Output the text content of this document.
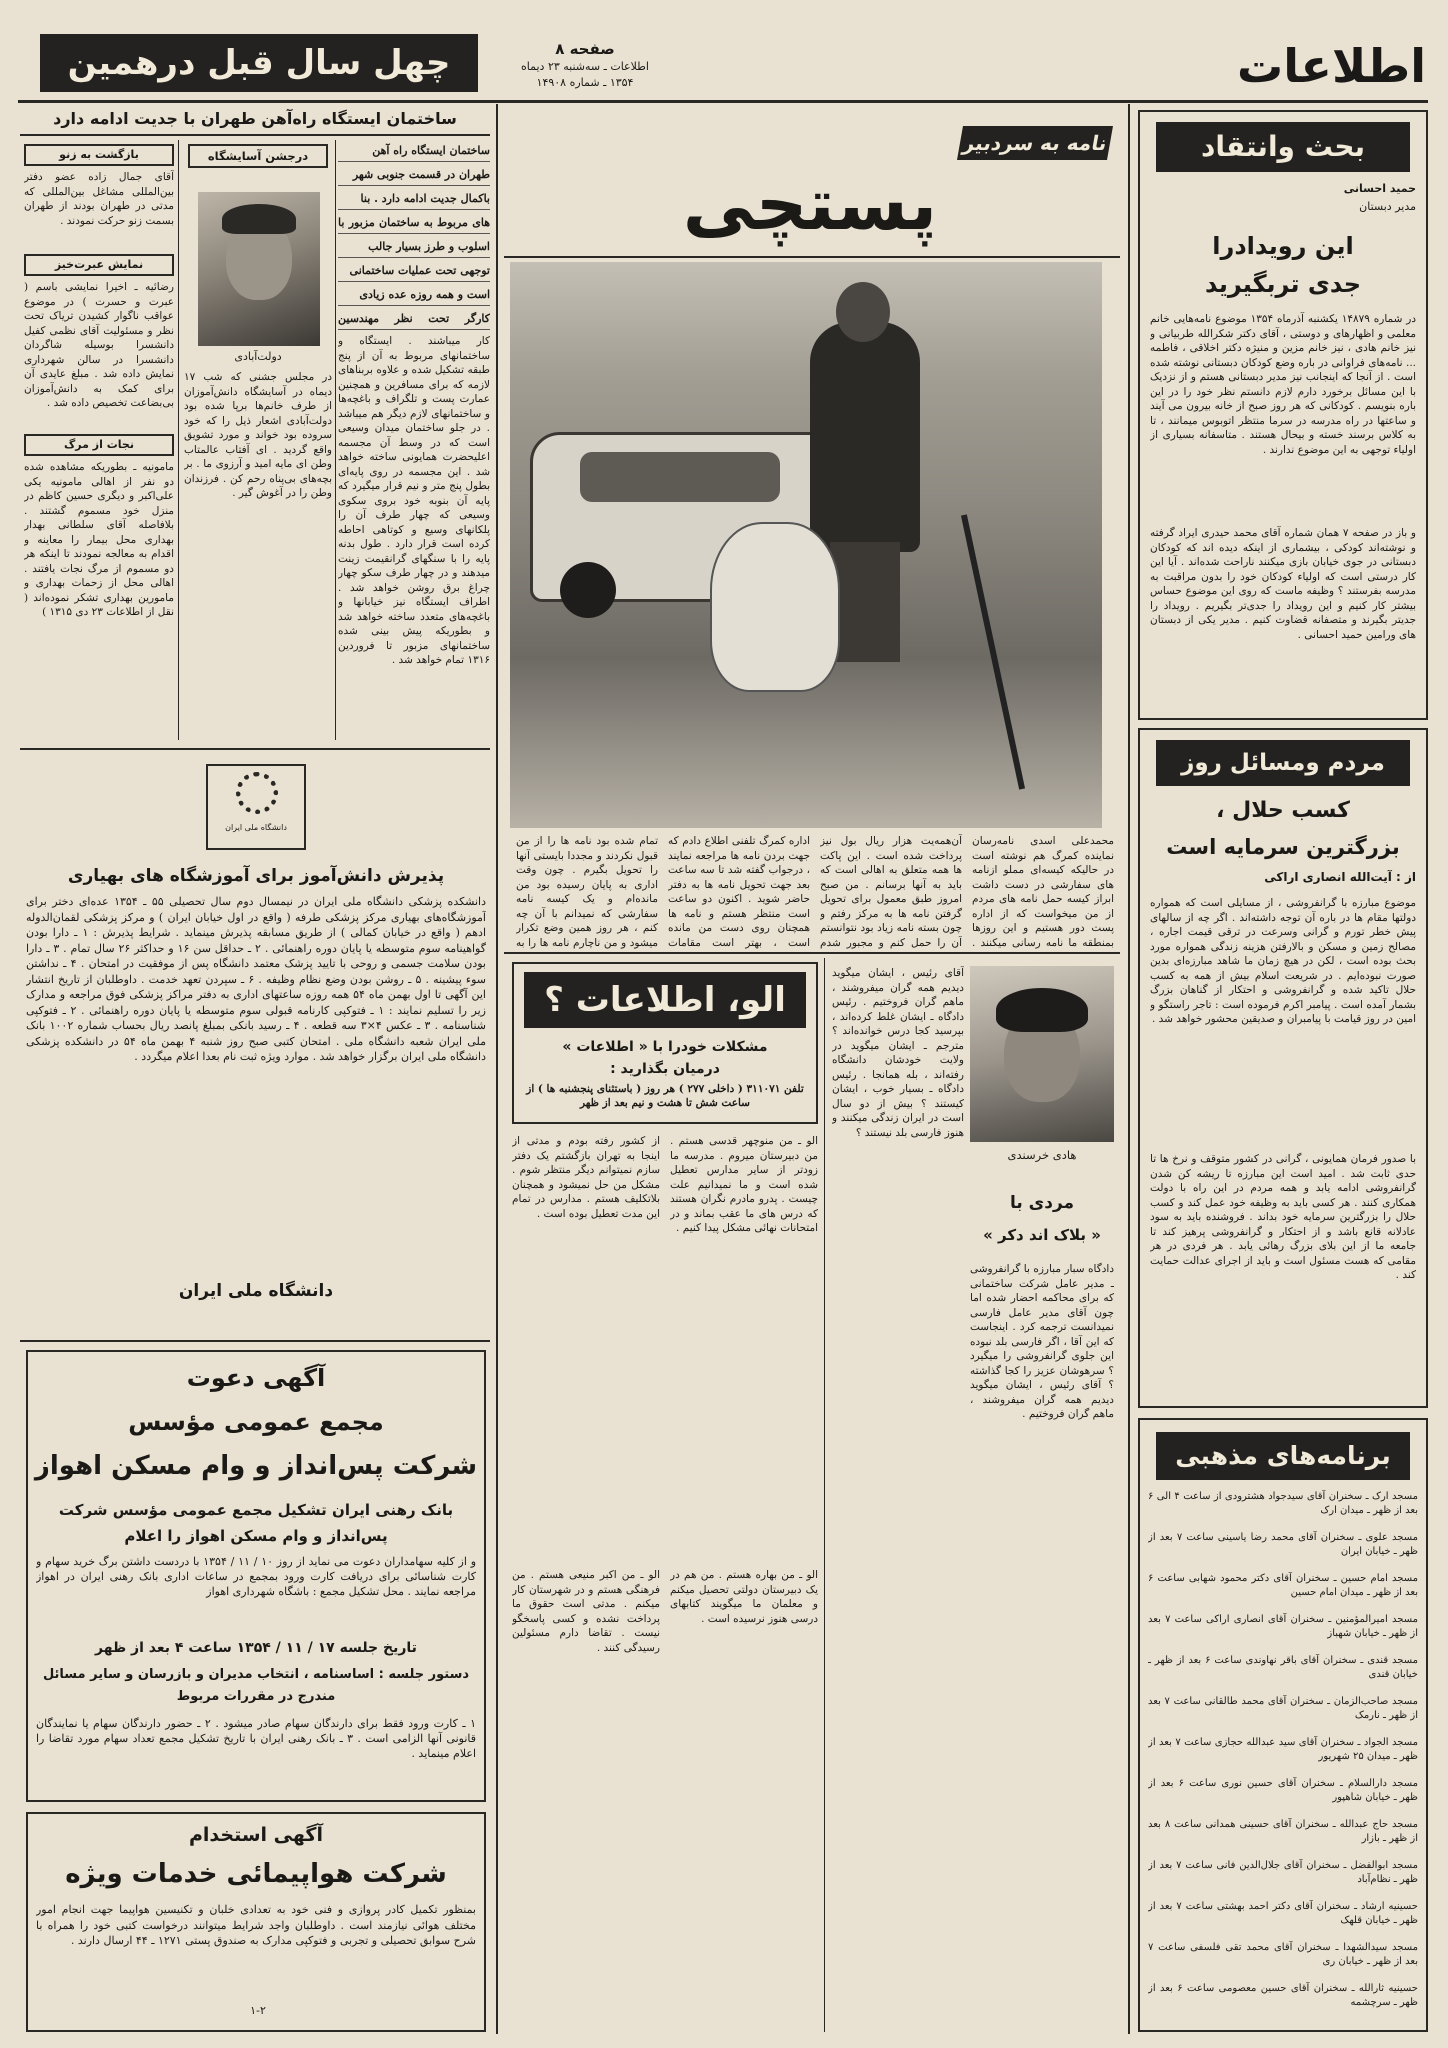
اطلاعات
صفحه ۸
اطلاعات ـ سه‌شنبه ۲۳ دیماه
۱۳۵۴ ـ شماره ۱۴۹۰۸
چهل سال قبل درهمین
ساختمان ایستگاه راه‌آهن طهران با جدیت ادامه دارد
ساختمان ایستگاه راه آهن
طهران در قسمت جنوبی شهر
باکمال جدیت ادامه دارد . بنا
های مربوط به ساختمان مزبور با
اسلوب و طرز بسیار جالب
توجهی تحت عملیات ساختمانی
است و همه روزه عده زیادی
کارگر تحت نظر مهندسین
کار میباشند . ایستگاه و ساختمانهای مربوط به آن از پنج طبقه تشکیل شده و علاوه بربناهای لازمه که برای مسافرین و همچنین عمارت پست و تلگراف و باغچه‌ها و ساختمانهای لازم دیگر هم میباشد . در جلو ساختمان میدان وسیعی است که در وسط آن مجسمه اعلیحضرت همایونی ساخته خواهد شد . این مجسمه در روی پایه‌ای بطول پنج متر و نیم قرار میگیرد که پایه آن بنوبه خود بروی سکوی وسیعی که چهار طرف آن را پلکانهای وسیع و کوتاهی احاطه کرده است قرار دارد . طول بدنه پایه را با سنگهای گرانقیمت زینت میدهند و در چهار طرف سکو چهار چراغ برق روشن خواهد شد . اطراف ایستگاه نیز خیابانها و باغچه‌های متعدد ساخته خواهد شد و بطوریکه پیش بینی شده ساختمانهای مزبور تا فروردین ۱۳۱۶ تمام خواهد شد .
درجشن آسایشگاه
دولت‌آبادی
در مجلس جشنی که شب ۱۷ دیماه در آسایشگاه دانش‌آموزان از طرف خانم‌ها برپا شده بود دولت‌آبادی اشعار ذیل را که خود سروده بود خواند و مورد تشویق واقع گردید . ای آفتاب عالمتاب وطن ای مایه امید و آرزوی ما . بر بچه‌های بی‌پناه رحم کن . فرزندان وطن را در آغوش گیر .
بازگشت به زنو
آقای جمال زاده عضو دفتر بین‌المللی مشاغل بین‌المللی که مدتی در طهران بودند از طهران بسمت زنو حرکت نمودند .
نمایش عبرت‌خیز
رضائیه ـ اخیرا نمایشی باسم ( عبرت و حسرت ) در موضوع عواقب ناگوار کشیدن تریاک تحت نظر و مسئولیت آقای نظمی کفیل دانشسرا بوسیله شاگردان دانشسرا در سالن شهرداری نمایش داده شد . مبلغ عایدی آن برای کمک به دانش‌آموزان بی‌بضاعت تخصیص داده شد .
نجات از مرگ
مامونیه ـ بطوریکه مشاهده شده دو نفر از اهالی مامونیه یکی علی‌اکبر و دیگری حسین کاظم در منزل خود مسموم گشتند . بلافاصله آقای سلطانی بهدار بهداری محل بیمار را معاینه و اقدام به معالجه نمودند تا اینکه هر دو مسموم از مرگ نجات یافتند . اهالی محل از زحمات بهداری و مامورین بهداری تشکر نموده‌اند ( نقل از اطلاعات ۲۳ دی ۱۳۱۵ )
دانشگاه ملی ایران
پذیرش دانش‌آموز برای آموزشگاه های بهیاری
دانشکده پزشکی دانشگاه ملی ایران در نیمسال دوم سال تحصیلی ۵۵ ـ ۱۳۵۴ عده‌ای دختر برای آموزشگاه‌های بهیاری مرکز پزشکی طرفه ( واقع در اول خیابان ایران ) و مرکز پزشکی لقمان‌الدوله ادهم ( واقع در خیابان کمالی ) از طریق مسابقه پذیرش مینماید . شرایط پذیرش : ۱ ـ دارا بودن گواهینامه سوم متوسطه یا پایان دوره راهنمائی . ۲ ـ حداقل سن ۱۶ و حداکثر ۲۶ سال تمام . ۳ ـ دارا بودن سلامت جسمی و روحی با تایید پزشک معتمد دانشگاه پس از موفقیت در امتحان . ۴ ـ نداشتن سوء پیشینه . ۵ ـ روشن بودن وضع نظام وظیفه . ۶ ـ سپردن تعهد خدمت . داوطلبان از تاریخ انتشار این آگهی تا اول بهمن ماه ۵۴ همه روزه ساعتهای اداری به دفتر مراکز پزشکی فوق مراجعه و مدارک زیر را تسلیم نمایند : ۱ ـ فتوکپی کارنامه قبولی سوم متوسطه یا پایان دوره راهنمائی . ۲ ـ فتوکپی شناسنامه . ۳ ـ عکس ۴×۳ سه قطعه . ۴ ـ رسید بانکی بمبلغ پانصد ریال بحساب شماره ۱۰۰۲ بانک ملی ایران شعبه دانشگاه ملی . امتحان کتبی صبح روز شنبه ۴ بهمن ماه ۵۴ در دانشکده پزشکی دانشگاه ملی ایران برگزار خواهد شد . موارد ویژه ثبت نام بعدا اعلام میگردد .
دانشگاه ملی ایران
آگهی دعوت
مجمع عمومی مؤسس
شرکت پس‌انداز و وام مسکن اهواز
بانک رهنی ایران تشکیل مجمع عمومی مؤسس شرکت
پس‌انداز و وام مسکن اهواز را اعلام
و از کلیه سهامداران دعوت می نماید از روز ۱۰ / ۱۱ / ۱۳۵۴ با دردست داشتن برگ خرید سهام و کارت شناسائی برای دریافت کارت ورود بمجمع در ساعات اداری بانک رهنی ایران در اهواز مراجعه نمایند . محل تشکیل مجمع : باشگاه شهرداری اهواز
تاریخ جلسه ۱۷ / ۱۱ / ۱۳۵۴ ساعت ۴ بعد از ظهر
دستور جلسه : اساسنامه ، انتخاب مدیران و بازرسان و سایر مسائل مندرج در مقررات مربوط
۱ ـ کارت ورود فقط برای دارندگان سهام صادر میشود . ۲ ـ حضور دارندگان سهام یا نمایندگان قانونی آنها الزامی است . ۳ ـ بانک رهنی ایران با تاریخ تشکیل مجمع تعداد سهام مورد تقاضا را اعلام مینماید .
آگهی استخدام
شرکت هواپیمائی خدمات ویژه
بمنظور تکمیل کادر پروازی و فنی خود به تعدادی خلبان و تکنیسین هواپیما جهت انجام امور مختلف هوائی نیازمند است . داوطلبان واجد شرایط میتوانند درخواست کتبی خود را همراه با شرح سوابق تحصیلی و تجربی و فتوکپی مدارک به صندوق پستی ۱۲۷۱ ـ ۴۴ ارسال دارند .
۱-۲
نامه به سردبیر
پستچی
محمدعلی اسدی نامه‌رسان نماینده کمرگ هم نوشته است در حالیکه کیسه‌ای مملو ازنامه های سفارشی در دست داشت ابراز کیسه حمل نامه های مردم از من میخواست که از اداره پست دور هستیم و این روزها بمنطقه ما نامه رسانی میکنند .
آن‌همه‌یت هزار ریال بول نیز پرداخت شده است . این پاکت ها همه متعلق به اهالی است که باید به آنها برسانم . من صبح امروز طبق معمول برای تحویل گرفتن نامه ها به مرکز رفتم و چون بسته نامه زیاد بود نتوانستم آن را حمل کنم و مجبور شدم
اداره کمرگ تلفنی اطلاع دادم که جهت بردن نامه ها مراجعه نمایند ، درجواب گفته شد تا سه ساعت بعد جهت تحویل نامه ها به دفتر حاضر شوید . اکنون دو ساعت است منتظر هستم و نامه ها همچنان روی دست من مانده است ، بهتر است مقامات
تمام شده بود نامه ها را از من قبول نکردند و مجددا بایستی آنها را تحویل بگیرم . چون وقت اداری به پایان رسیده بود من مانده‌ام و یک کیسه نامه سفارشی که نمیدانم با آن چه کنم ، هر روز همین وضع تکرار میشود و من ناچارم نامه ها را به
الو، اطلاعات ؟
مشکلات خودرا با « اطلاعات »
درمیان بگذارید :
تلفن ۳۱۱۰۷۱ ( داخلی ۲۷۷ ) هر روز ( باستثنای پنجشنبه ها ) از ساعت شش تا هشت و نیم بعد از ظهر
از کشور رفته بودم و مدتی از اینجا به تهران بازگشتم یک دفتر سازم نمیتوانم دیگر منتظر شوم . مشکل من حل نمیشود و همچنان بلاتکلیف هستم . مدارس در تمام این مدت تعطیل بوده است .
الو ـ من منوچهر قدسی هستم . من دبیرستان میروم . مدرسه ما زودتر از سایر مدارس تعطیل شده است و ما نمیدانیم علت چیست . پدرو مادرم نگران هستند که درس های ما عقب بماند و در امتحانات نهائی مشکل پیدا کنیم .
الو ـ من اکبر منیعی هستم . من فرهنگی هستم و در شهرستان کار میکنم . مدتی است حقوق ما پرداخت نشده و کسی پاسخگو نیست . تقاضا دارم مسئولین رسیدگی کنند .
الو ـ من بهاره هستم . من هم در یک دبیرستان دولتی تحصیل میکنم و معلمان ما میگویند کتابهای درسی هنوز نرسیده است .
هادی خرسندی
مردی با
« بلاک اند دکر »
دادگاه سبار مبارزه با گرانفروشی ـ مدیر عامل شرکت ساختمانی که برای محاکمه احضار شده اما چون آقای مدیر عامل فارسی نمیدانست ترجمه کرد . اینجاست که این آقا ، اگر فارسی بلد نبوده این جلوی گرانفروشی را میگیرد ؟ سرهوشان عزیز را کجا گذاشته ؟ آقای رئیس ، ایشان میگوید دیدیم همه گران میفروشند ، ماهم گران فروختیم .
آقای رئیس ، ایشان میگوید دیدیم همه گران میفروشند ، ماهم گران فروختیم . رئیس دادگاه ـ ایشان غلط کرده‌اند ، بپرسید کجا درس خوانده‌اند ؟ مترجم ـ ایشان میگوید در ولایت خودشان دانشگاه رفته‌اند ، بله همانجا . رئیس دادگاه ـ بسیار خوب ، ایشان کیستند ؟ بیش از دو سال است در ایران زندگی میکنند و هنوز فارسی بلد نیستند ؟
بحث وانتقاد
حمید احسانی
مدیر دبستان
این رویدادرا
جدی تربگیرید
در شماره ۱۴۸۷۹ یکشنبه آذرماه ۱۳۵۴ موضوع نامه‌هایی خانم معلمی و اظهارهای و دوستی ، آقای دکتر شکرالله طربیانی و نیز خانم هادی ، نیز خانم مزین و منیژه دکتر اخلاقی ، فاطمه ... نامه‌های فراوانی در باره وضع کودکان دبستانی نوشته شده است . از آنجا که اینجانب نیز مدیر دبستانی هستم و از نزدیک با این مسائل برخورد دارم لازم دانستم نظر خود را در این باره بنویسم . کودکانی که هر روز صبح از خانه بیرون می آیند و ساعتها در راه مدرسه در سرما منتظر اتوبوس میمانند ، تا به کلاس برسند خسته و بیحال هستند . متاسفانه بسیاری از اولیاء توجهی به این موضوع ندارند .
و باز در صفحه ۷ همان شماره آقای محمد حیدری ایراد گرفته و نوشته‌اند کودکی ، بیشماری از اینکه دیده اند که کودکان دبستانی در جوی خیابان بازی میکنند ناراحت شده‌اند . آیا این کار درستی است که اولیاء کودکان خود را بدون مراقبت به مدرسه بفرستند ؟ وظیفه ماست که روی این موضوع حساس بیشتر کار کنیم و این رویداد را جدی‌تر بگیریم . رویداد را جدیتر بگیرند و متصفانه قضاوت کنیم . مدیر یکی از دبستان های ورامین حمید احسانی .
مردم ومسائل روز
کسب حلال ،
بزرگترین سرمایه است
از : آیت‌الله انصاری اراکی
موضوع مبارزه با گرانفروشی ، از مسایلی است که همواره دولتها مقام ها در باره آن توجه داشته‌اند . اگر چه از سالهای پیش خطر تورم و گرانی وسرعت در ترقی قیمت اجاره ، مصالح زمین و مسکن و بالارفتن هزینه زندگی همواره مورد بحث بوده است ، لکن در هیچ زمان ما شاهد مبارزه‌ای بدین صورت نبوده‌ایم . در شریعت اسلام بیش از همه به کسب حلال تاکید شده و گرانفروشی و احتکار از گناهان بزرگ بشمار آمده است . پیامبر اکرم فرموده است : تاجر راستگو و امین در روز قیامت با پیامبران و صدیقین محشور خواهد شد .
با صدور فرمان همایونی ، گرانی در کشور متوقف و نرخ ها تا حدی ثابت شد . امید است این مبارزه تا ریشه کن شدن گرانفروشی ادامه یابد و همه مردم در این راه با دولت همکاری کنند . هر کسی باید به وظیفه خود عمل کند و کسب حلال را بزرگترین سرمایه خود بداند . فروشنده باید به سود عادلانه قانع باشد و از احتکار و گرانفروشی پرهیز کند تا جامعه ما از این بلای بزرگ رهائی یابد . هر فردی در هر مقامی که هست مسئول است و باید از اجرای عدالت حمایت کند .
برنامه‌های مذهبی
مسجد ارک ـ سخنران آقای سیدجواد هشترودی از ساعت ۴ الی ۶ بعد از ظهر ـ میدان ارک
مسجد علوی ـ سخنران آقای محمد رضا یاسینی ساعت ۷ بعد از ظهر ـ خیابان ایران
مسجد امام حسین ـ سخنران آقای دکتر محمود شهابی ساعت ۶ بعد از ظهر ـ میدان امام حسین
مسجد امیرالمؤمنین ـ سخنران آقای انصاری اراکی ساعت ۷ بعد از ظهر ـ خیابان شهباز
مسجد قندی ـ سخنران آقای باقر نهاوندی ساعت ۶ بعد از ظهر ـ خیابان قندی
مسجد صاحب‌الزمان ـ سخنران آقای محمد طالقانی ساعت ۷ بعد از ظهر ـ نارمک
مسجد الجواد ـ سخنران آقای سید عبدالله حجازی ساعت ۷ بعد از ظهر ـ میدان ۲۵ شهریور
مسجد دارالسلام ـ سخنران آقای حسین نوری ساعت ۶ بعد از ظهر ـ خیابان شاهپور
مسجد حاج عبدالله ـ سخنران آقای حسینی همدانی ساعت ۸ بعد از ظهر ـ بازار
مسجد ابوالفضل ـ سخنران آقای جلال‌الدین فانی ساعت ۷ بعد از ظهر ـ نظام‌آباد
حسینیه ارشاد ـ سخنران آقای دکتر احمد بهشتی ساعت ۷ بعد از ظهر ـ خیابان قلهک
مسجد سیدالشهدا ـ سخنران آقای محمد تقی فلسفی ساعت ۷ بعد از ظهر ـ خیابان ری
حسینیه ثارالله ـ سخنران آقای حسین معصومی ساعت ۶ بعد از ظهر ـ سرچشمه
